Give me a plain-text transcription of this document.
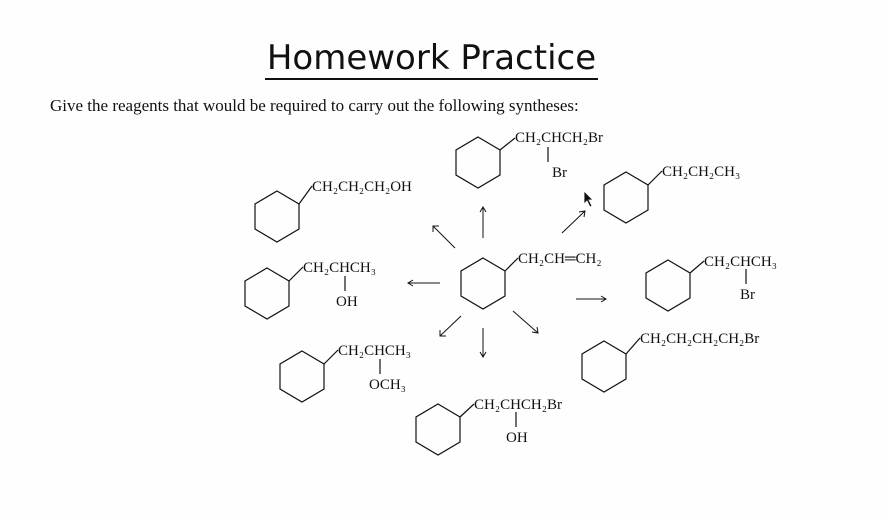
Homework Practice
Give the reagents that would be required to carry out the following syntheses:
CH₂CH═CH₂
CH₂CHCH₂Br
Br	CH₂CH₂CH₃
CH₂CH₂CH₂OH
CH₂CHCH₃
OH
CH₂CHCH₃
Br
CH₂CH₂CH₂CH₂Br
CH₂CHCH₃
OCH₃
CH₂CHCH₂Br
OH
